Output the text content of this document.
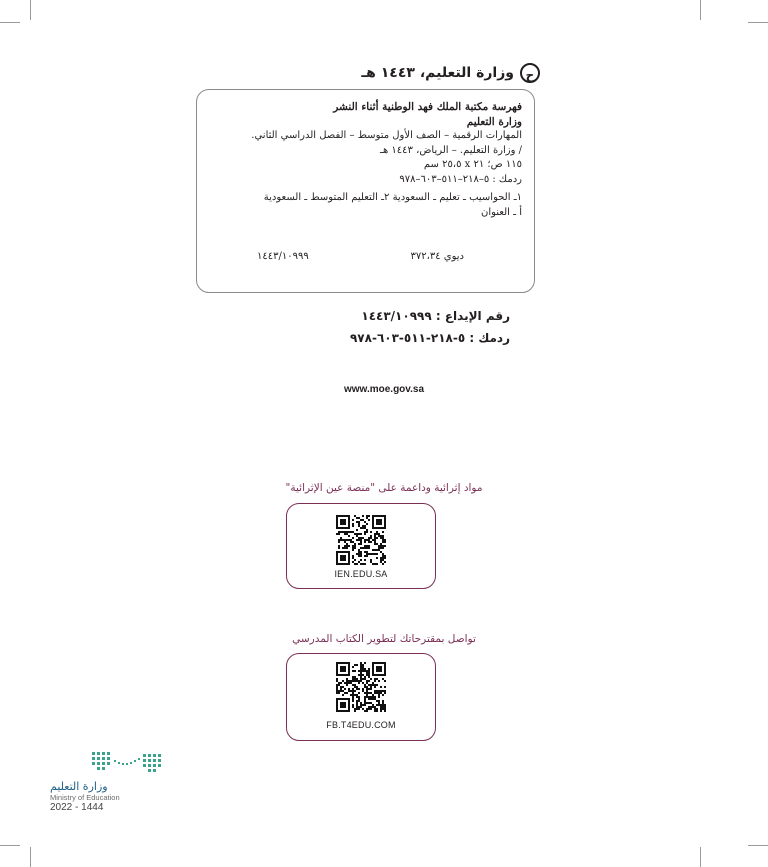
حوزارة التعليم، ١٤٤٣ هـ
فهرسة مكتبة الملك فهد الوطنية أثناء النشر
وزارة التعليم
المهارات الرقمية – الصف الأول متوسط – الفصل الدراسي الثاني.
/ وزارة التعليم. – الرياض، ١٤٤٣ هـ
١١٥ ص؛ ٢١ x ٢٥،٥ سم
ردمك : ٥–٢١٨–٥١١–٦٠٣–٩٧٨
١ـ الحواسيب ـ تعليم ـ السعودية ٢ـ التعليم المتوسط ـ السعودية
أ ـ العنوان
ديوي ٣٧٢،٣٤
١٤٤٣/١٠٩٩٩
رقم الإيداع : ١٤٤٣/١٠٩٩٩
ردمك : ٥-٢١٨-٥١١-٦٠٣-٩٧٨
www.moe.gov.sa
مواد إثرائية وداعمة على "منصة عين الإثرائية"
IEN.EDU.SA
تواصل بمقترحاتك لتطوير الكتاب المدرسي
FB.T4EDU.COM
وزارة التعليم
Ministry of Education
2022 - 1444
